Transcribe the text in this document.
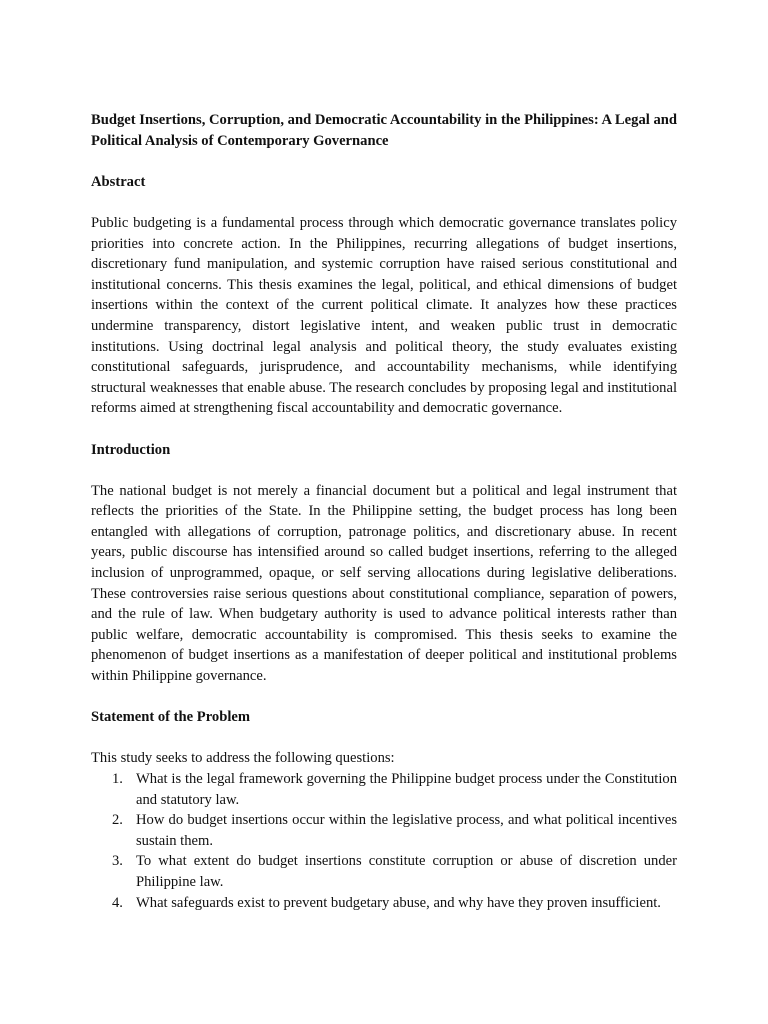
Budget Insertions, Corruption, and Democratic Accountability in the Philippines: A Legal and Political Analysis of Contemporary Governance

Abstract

Public budgeting is a fundamental process through which democratic governance translates policy priorities into concrete action. In the Philippines, recurring allegations of budget insertions, discretionary fund manipulation, and systemic corruption have raised serious constitutional and institutional concerns. This thesis examines the legal, political, and ethical dimensions of budget insertions within the context of the current political climate. It analyzes how these practices undermine transparency, distort legislative intent, and weaken public trust in democratic institutions. Using doctrinal legal analysis and political theory, the study evaluates existing constitutional safeguards, jurisprudence, and accountability mechanisms, while identifying structural weaknesses that enable abuse. The research concludes by proposing legal and institutional reforms aimed at strengthening fiscal accountability and democratic governance.

Introduction

The national budget is not merely a financial document but a political and legal instrument that reflects the priorities of the State. In the Philippine setting, the budget process has long been entangled with allegations of corruption, patronage politics, and discretionary abuse. In recent years, public discourse has intensified around so called budget insertions, referring to the alleged inclusion of unprogrammed, opaque, or self serving allocations during legislative deliberations. These controversies raise serious questions about constitutional compliance, separation of powers, and the rule of law. When budgetary authority is used to advance political interests rather than public welfare, democratic accountability is compromised. This thesis seeks to examine the phenomenon of budget insertions as a manifestation of deeper political and institutional problems within Philippine governance.

Statement of the Problem

This study seeks to address the following questions:

1. What is the legal framework governing the Philippine budget process under the Constitution and statutory law.
2. How do budget insertions occur within the legislative process, and what political incentives sustain them.
3. To what extent do budget insertions constitute corruption or abuse of discretion under Philippine law.
4. What safeguards exist to prevent budgetary abuse, and why have they proven insufficient.
